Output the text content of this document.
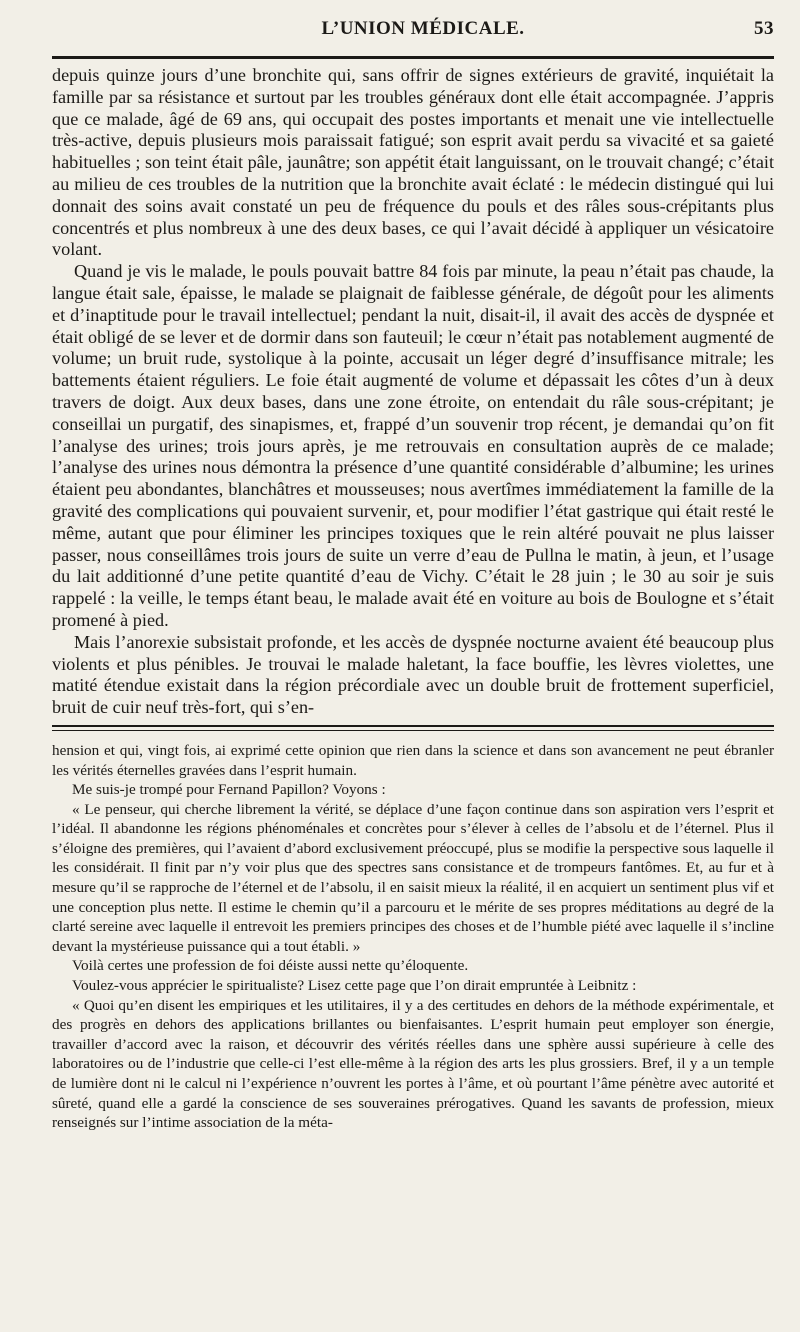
L’UNION MÉDICALE.	53

depuis quinze jours d’une bronchite qui, sans offrir de signes extérieurs de gravité, inquiétait la famille par sa résistance et surtout par les troubles généraux dont elle était accompagnée. J’appris que ce malade, âgé de 69 ans, qui occupait des postes importants et menait une vie intellectuelle très-active, depuis plusieurs mois paraissait fatigué; son esprit avait perdu sa vivacité et sa gaieté habituelles ; son teint était pâle, jaunâtre; son appétit était languissant, on le trouvait changé; c’était au milieu de ces troubles de la nutrition que la bronchite avait éclaté : le médecin distingué qui lui donnait des soins avait constaté un peu de fréquence du pouls et des râles sous-crépitants plus concentrés et plus nombreux à une des deux bases, ce qui l’avait décidé à appliquer un vésicatoire volant.

Quand je vis le malade, le pouls pouvait battre 84 fois par minute, la peau n’était pas chaude, la langue était sale, épaisse, le malade se plaignait de faiblesse générale, de dégoût pour les aliments et d’inaptitude pour le travail intellectuel; pendant la nuit, disait-il, il avait des accès de dyspnée et était obligé de se lever et de dormir dans son fauteuil; le cœur n’était pas notablement augmenté de volume; un bruit rude, systolique à la pointe, accusait un léger degré d’insuffisance mitrale; les battements étaient réguliers. Le foie était augmenté de volume et dépassait les côtes d’un à deux travers de doigt. Aux deux bases, dans une zone étroite, on entendait du râle sous-crépitant; je conseillai un purgatif, des sinapismes, et, frappé d’un souvenir trop récent, je demandai qu’on fit l’analyse des urines; trois jours après, je me retrouvais en consultation auprès de ce malade; l’analyse des urines nous démontra la présence d’une quantité considérable d’albumine; les urines étaient peu abondantes, blanchâtres et mousseuses; nous avertîmes immédiatement la famille de la gravité des complications qui pouvaient survenir, et, pour modifier l’état gastrique qui était resté le même, autant que pour éliminer les principes toxiques que le rein altéré pouvait ne plus laisser passer, nous conseillâmes trois jours de suite un verre d’eau de Pullna le matin, à jeun, et l’usage du lait additionné d’une petite quantité d’eau de Vichy. C’était le 28 juin ; le 30 au soir je suis rappelé : la veille, le temps étant beau, le malade avait été en voiture au bois de Boulogne et s’était promené à pied.

Mais l’anorexie subsistait profonde, et les accès de dyspnée nocturne avaient été beaucoup plus violents et plus pénibles. Je trouvai le malade haletant, la face bouffie, les lèvres violettes, une matité étendue existait dans la région précordiale avec un double bruit de frottement superficiel, bruit de cuir neuf très-fort, qui s’en-

hension et qui, vingt fois, ai exprimé cette opinion que rien dans la science et dans son avancement ne peut ébranler les vérités éternelles gravées dans l’esprit humain.

Me suis-je trompé pour Fernand Papillon? Voyons :

« Le penseur, qui cherche librement la vérité, se déplace d’une façon continue dans son aspiration vers l’esprit et l’idéal. Il abandonne les régions phénoménales et concrètes pour s’élever à celles de l’absolu et de l’éternel. Plus il s’éloigne des premières, qui l’avaient d’abord exclusivement préoccupé, plus se modifie la perspective sous laquelle il les considérait. Il finit par n’y voir plus que des spectres sans consistance et de trompeurs fantômes. Et, au fur et à mesure qu’il se rapproche de l’éternel et de l’absolu, il en saisit mieux la réalité, il en acquiert un sentiment plus vif et une conception plus nette. Il estime le chemin qu’il a parcouru et le mérite de ses propres méditations au degré de la clarté sereine avec laquelle il entrevoit les premiers principes des choses et de l’humble piété avec laquelle il s’incline devant la mystérieuse puissance qui a tout établi. »

Voilà certes une profession de foi déiste aussi nette qu’éloquente.

Voulez-vous apprécier le spiritualiste? Lisez cette page que l’on dirait empruntée à Leibnitz :

« Quoi qu’en disent les empiriques et les utilitaires, il y a des certitudes en dehors de la méthode expérimentale, et des progrès en dehors des applications brillantes ou bienfaisantes. L’esprit humain peut employer son énergie, travailler d’accord avec la raison, et découvrir des vérités réelles dans une sphère aussi supérieure à celle des laboratoires ou de l’industrie que celle-ci l’est elle-même à la région des arts les plus grossiers. Bref, il y a un temple de lumière dont ni le calcul ni l’expérience n’ouvrent les portes à l’âme, et où pourtant l’âme pénètre avec autorité et sûreté, quand elle a gardé la conscience de ses souveraines prérogatives. Quand les savants de profession, mieux renseignés sur l’intime association de la méta-
